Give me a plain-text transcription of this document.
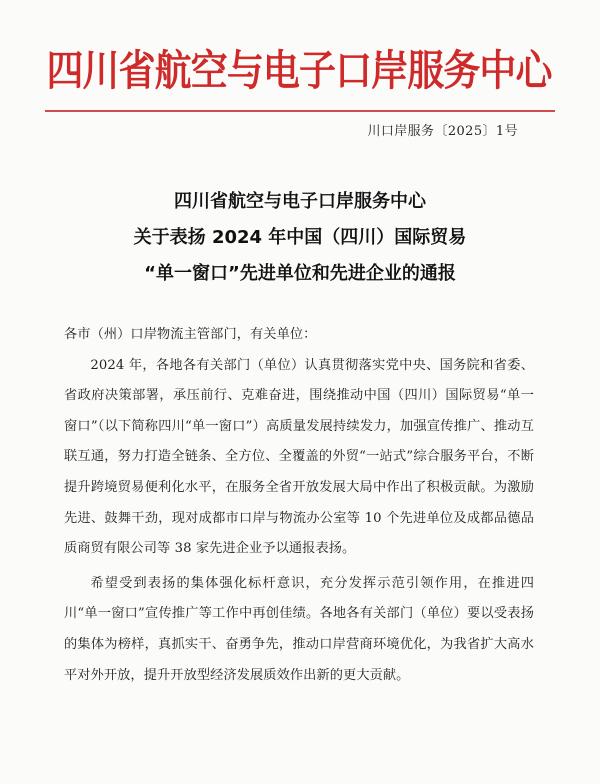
四川省航空与电子口岸服务中心
川口岸服务〔2025〕1号
四川省航空与电子口岸服务中心
关于表扬 2024 年中国（四川）国际贸易
“单一窗口”先进单位和先进企业的通报

各市（州）口岸物流主管部门，有关单位：

2024 年，各地各有关部门（单位）认真贯彻落实党中央、国务院和省委、省政府决策部署，承压前行、克难奋进，围绕推动中国（四川）国际贸易“单一窗口”（以下简称四川“单一窗口”）高质量发展持续发力，加强宣传推广、推动互联互通，努力打造全链条、全方位、全覆盖的外贸“一站式”综合服务平台，不断提升跨境贸易便利化水平，在服务全省开放发展大局中作出了积极贡献。为激励先进、鼓舞干劲，现对成都市口岸与物流办公室等 10 个先进单位及成都品德品质商贸有限公司等 38 家先进企业予以通报表扬。

希望受到表扬的集体强化标杆意识，充分发挥示范引领作用，在推进四川“单一窗口”宣传推广等工作中再创佳绩。各地各有关部门（单位）要以受表扬的集体为榜样，真抓实干、奋勇争先，推动口岸营商环境优化，为我省扩大高水平对外开放，提升开放型经济发展质效作出新的更大贡献。
